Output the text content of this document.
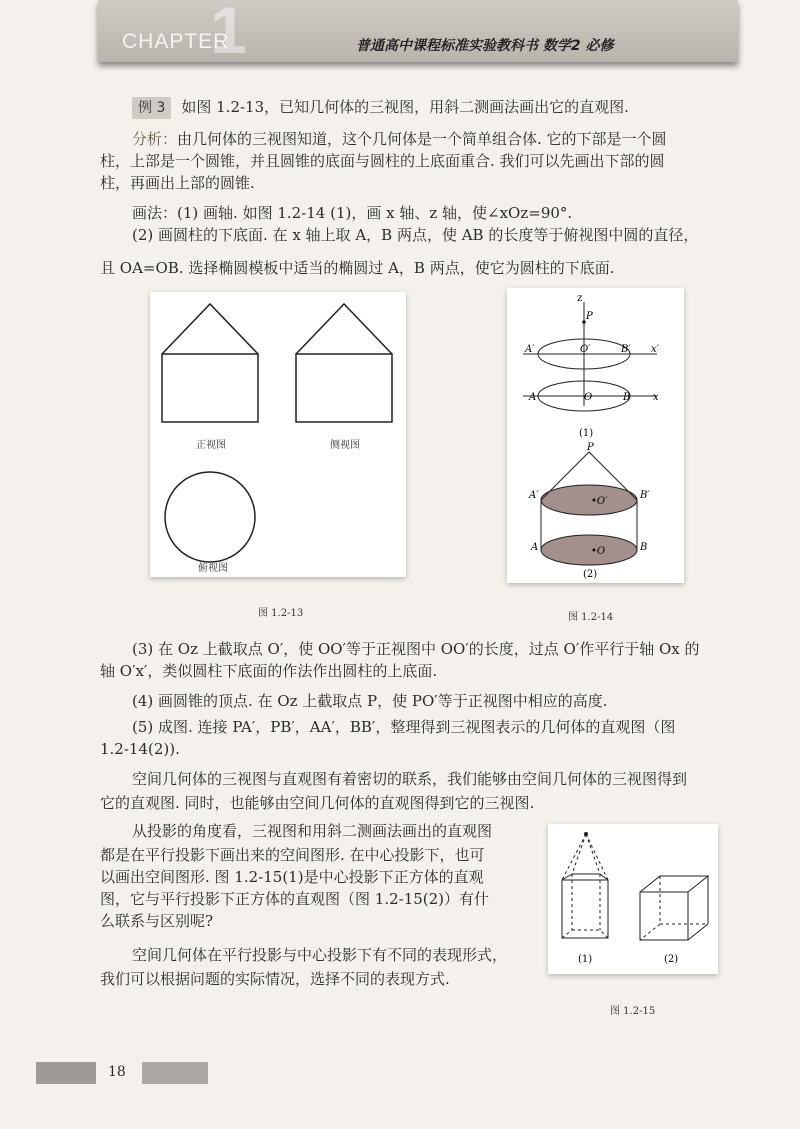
1
CHAPTER	普通高中课程标准实验教科书 数学2 必修

例 3 如图 1.2-13，已知几何体的三视图，用斜二测画法画出它的直观图.

分析：由几何体的三视图知道，这个几何体是一个简单组合体. 它的下部是一个圆

柱，上部是一个圆锥，并且圆锥的底面与圆柱的上底面重合. 我们可以先画出下部的圆

柱，再画出上部的圆锥.

画法：(1) 画轴. 如图 1.2-14 (1)，画 x 轴、z 轴，使∠xOz=90°.

(2) 画圆柱的下底面. 在 x 轴上取 A，B 两点，使 AB 的长度等于俯视图中圆的直径，

且 OA=OB. 选择椭圆模板中适当的椭圆过 A，B 两点，使它为圆柱的下底面.

正视图	侧视图
俯视图
图 1.2-13
z
P
A′	O′	B′ x′
A	O	B x
(1)
P
A′
•O′
B′
A	•O	B
(2)
图 1.2-14

(3) 在 Oz 上截取点 O′，使 OO′等于正视图中 OO′的长度，过点 O′作平行于轴 Ox 的

轴 O′x′，类似圆柱下底面的作法作出圆柱的上底面.

(4) 画圆锥的顶点. 在 Oz 上截取点 P，使 PO′等于正视图中相应的高度.

(5) 成图. 连接 PA′，PB′，AA′，BB′，整理得到三视图表示的几何体的直观图（图

1.2-14(2)).

空间几何体的三视图与直观图有着密切的联系，我们能够由空间几何体的三视图得到

它的直观图. 同时，也能够由空间几何体的直观图得到它的三视图.

从投影的角度看，三视图和用斜二测画法画出的直观图

都是在平行投影下画出来的空间图形. 在中心投影下，也可

以画出空间图形. 图 1.2-15(1)是中心投影下正方体的直观

图，它与平行投影下正方体的直观图（图 1.2-15(2)）有什

么联系与区别呢?

空间几何体在平行投影与中心投影下有不同的表现形式，

我们可以根据问题的实际情况，选择不同的表现方式.

(1)	(2)
图 1.2-15
18
